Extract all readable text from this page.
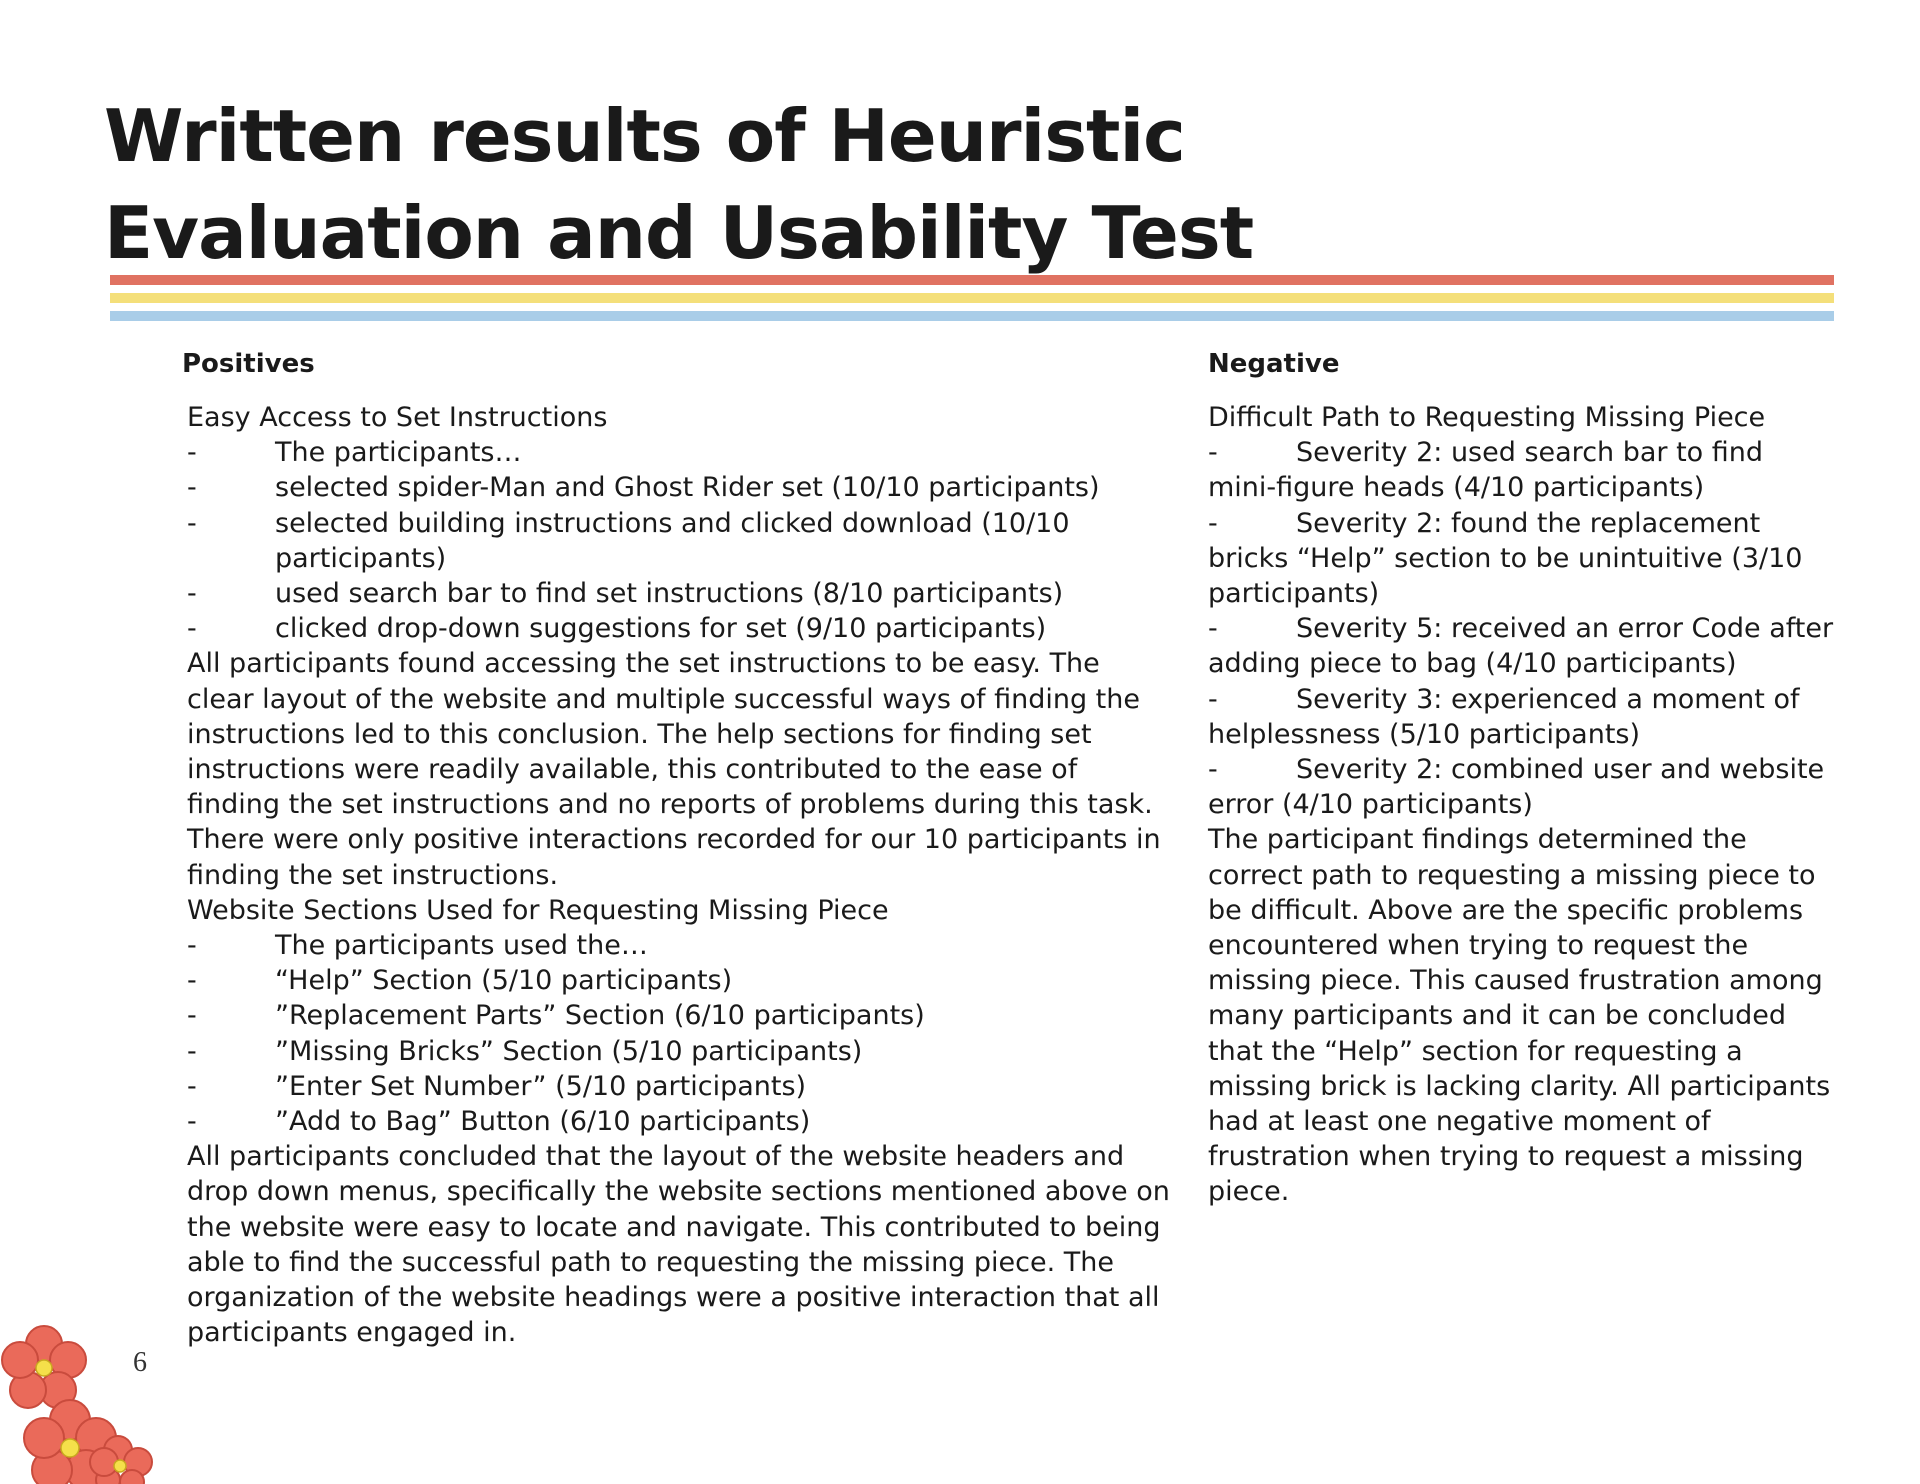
Written results of Heuristic
Evaluation and Usability Test
Positives	Negative

Easy Access to Set Instructions

- The participants…
- selected spider-Man and Ghost Rider set (10/10 participants)
- selected building instructions and clicked download (10/10 participants)
- used search bar to find set instructions (8/10 participants)
- clicked drop-down suggestions for set (9/10 participants)

All participants found accessing the set instructions to be easy. The clear layout of the website and multiple successful ways of finding the instructions led to this conclusion. The help sections for finding set instructions were readily available, this contributed to the ease of finding the set instructions and no reports of problems during this task. There were only positive interactions recorded for our 10 participants in finding the set instructions.

Website Sections Used for Requesting Missing Piece

- The participants used the…
- “Help” Section (5/10 participants)
- ”Replacement Parts” Section (6/10 participants)
- ”Missing Bricks” Section (5/10 participants)
- ”Enter Set Number” (5/10 participants)
- ”Add to Bag” Button (6/10 participants)

All participants concluded that the layout of the website headers and drop down menus, specifically the website sections mentioned above on the website were easy to locate and navigate. This contributed to being able to find the successful path to requesting the missing piece. The organization of the website headings were a positive interaction that all participants engaged in.

Difficult Path to Requesting Missing Piece

- Severity 2: used search bar to find mini-figure heads (4/10 participants)
- Severity 2: found the replacement bricks “Help” section to be unintuitive (3/10 participants)
- Severity 5: received an error Code after adding piece to bag (4/10 participants)
- Severity 3: experienced a moment of helplessness (5/10 participants)
- Severity 2: combined user and website error (4/10 participants)

The participant findings determined the correct path to requesting a missing piece to be difficult. Above are the specific problems encountered when trying to request the missing piece. This caused frustration among many participants and it can be concluded that the “Help” section for requesting a missing brick is lacking clarity. All participants had at least one negative moment of frustration when trying to request a missing piece.

6
